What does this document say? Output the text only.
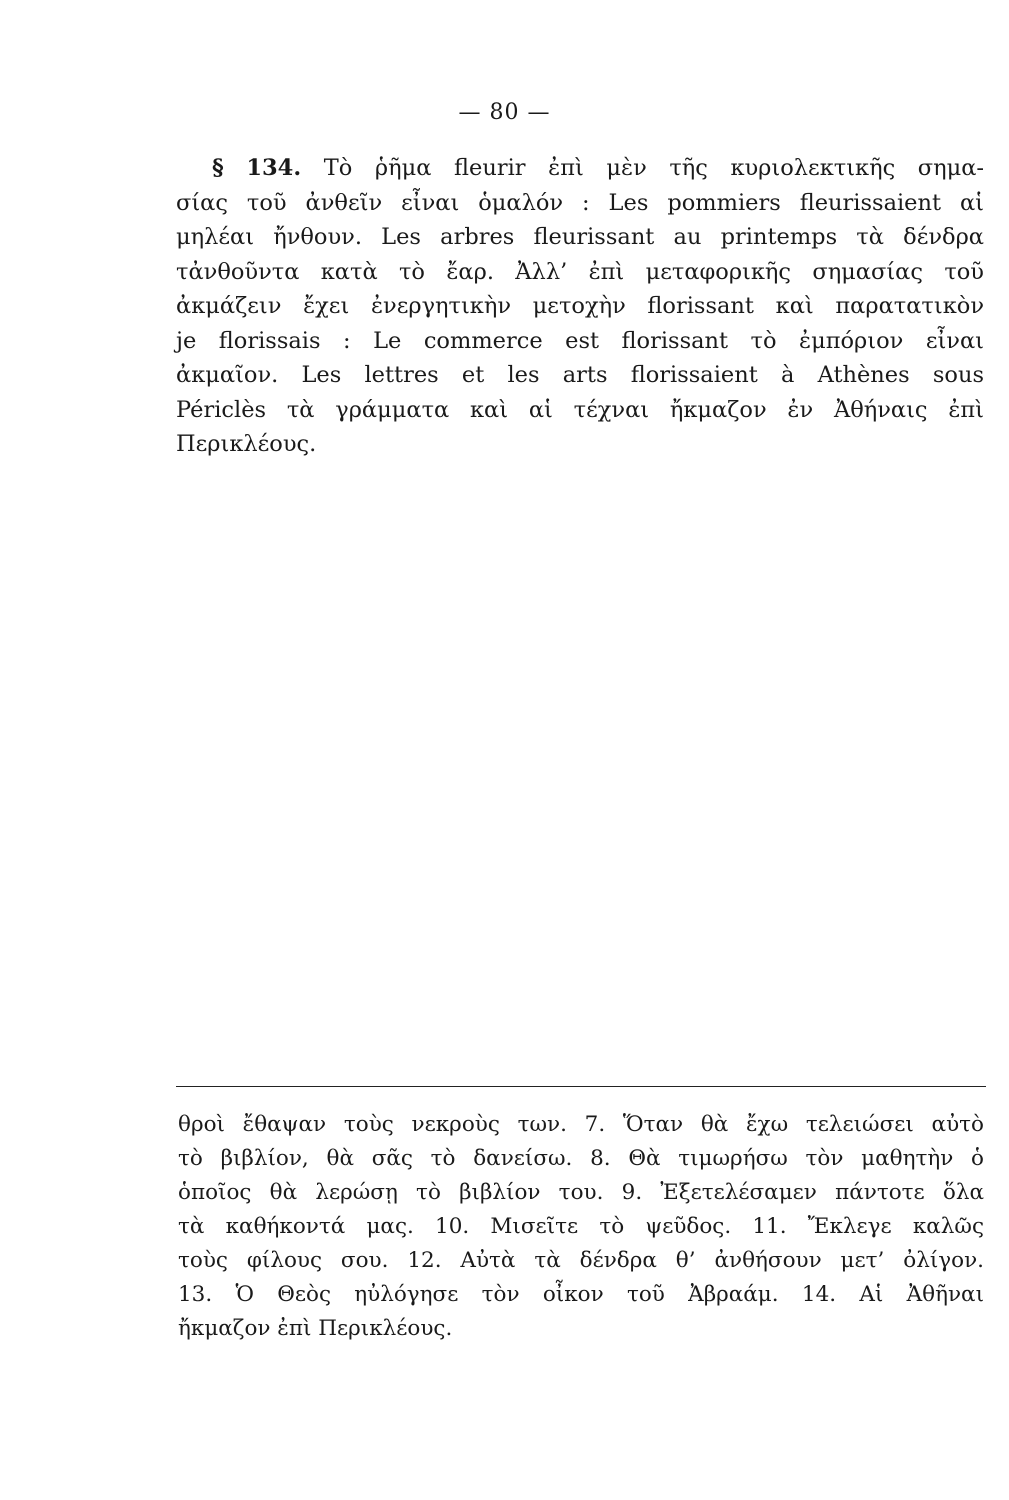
— 80 —
§ 134. Τὸ ῥῆμα fleurir ἐπὶ μὲν τῆς κυριολεκτικῆς σημα-
σίας τοῦ ἀνθεῖν εἶναι ὁμαλόν : Les pommiers fleurissaient αἱ
μηλέαι ἤνθουν. Les arbres fleurissant au printemps τὰ δένδρα
τἀνθοῦντα κατὰ τὸ ἔαρ. Ἀλλ’ ἐπὶ μεταφορικῆς σημασίας τοῦ
ἀκμάζειν ἔχει ἐνεργητικὴν μετοχὴν florissant καὶ παρατατικὸν
je florissais : Le commerce est florissant τὸ ἐμπόριον εἶναι
ἀκμαῖον. Les lettres et les arts florissaient à Athènes sous
Périclès τὰ γράμματα καὶ αἱ τέχναι ἤκμαζον ἐν Ἀθήναις ἐπὶ
Περικλέους.
θροὶ ἔθαψαν τοὺς νεκροὺς των. 7. Ὅταν θὰ ἔχω τελειώσει αὐτὸ
τὸ βιβλίον, θὰ σᾶς τὸ δανείσω. 8. Θὰ τιμωρήσω τὸν μαθητὴν ὁ
ὁποῖος θὰ λερώσῃ τὸ βιβλίον του. 9. Ἐξετελέσαμεν πάντοτε ὅλα
τὰ καθήκοντά μας. 10. Μισεῖτε τὸ ψεῦδος. 11. Ἔκλεγε καλῶς
τοὺς φίλους σου. 12. Αὐτὰ τὰ δένδρα θ’ ἀνθήσουν μετ’ ὀλίγον.
13. Ὁ Θεὸς ηὐλόγησε τὸν οἶκον τοῦ Ἀβραάμ. 14. Αἱ Ἀθῆναι
ἤκμαζον ἐπὶ Περικλέους.
